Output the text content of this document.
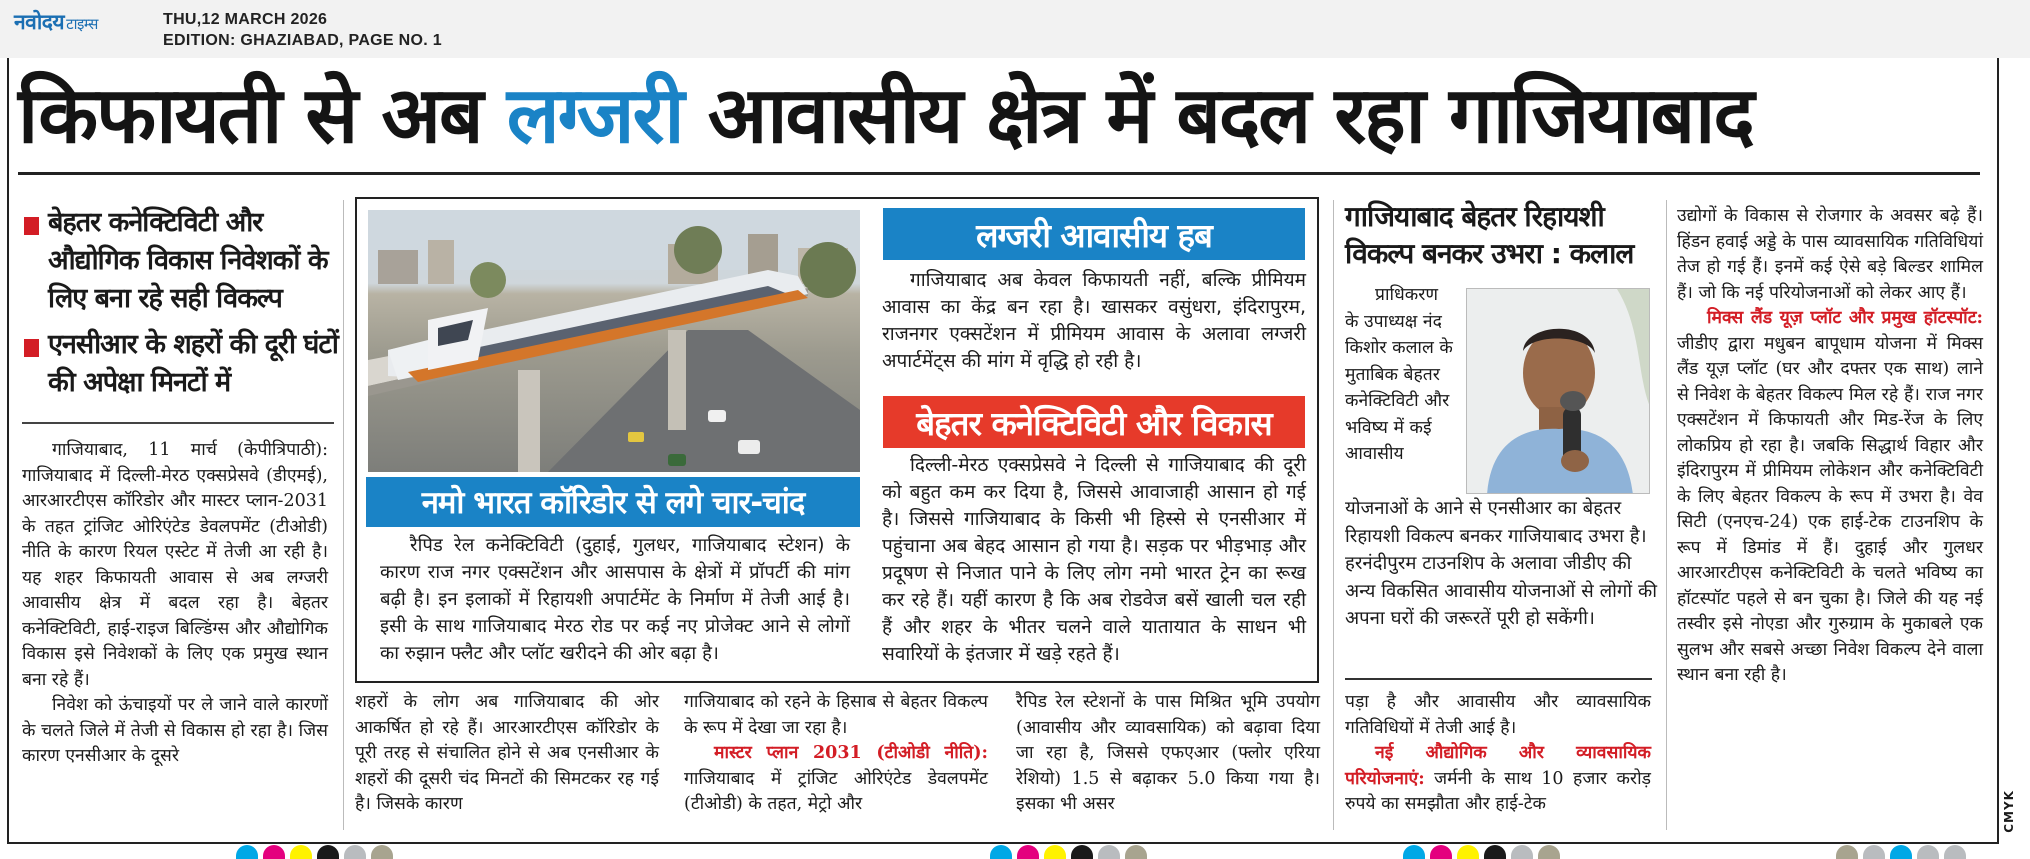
नवोदय टाइम्स	THU,12 MARCH 2026
EDITION: GHAZIABAD, PAGE NO. 1
किफायती से अब लग्जरी आवासीय क्षेत्र में बदल रहा गाजियाबाद
बेहतर कनेक्टिविटी और औद्योगिक विकास निवेशकों के लिए बना रहे सही विकल्प
एनसीआर के शहरों की दूरी घंटों की अपेक्षा मिनटों में

गाजियाबाद, 11 मार्च (केपीत्रिपाठी): गाजियाबाद में दिल्ली-मेरठ एक्सप्रेसवे (डीएमई), आरआरटीएस कॉरिडोर और मास्टर प्लान-2031 के तहत ट्रांजिट ओरिएंटेड डेवलपमेंट (टीओडी) नीति के कारण रियल एस्टेट में तेजी आ रही है। यह शहर किफायती आवास से अब लग्जरी आवासीय क्षेत्र में बदल रहा है। बेहतर कनेक्टिविटी, हाई-राइज बिल्डिंग्स और औद्योगिक विकास इसे निवेशकों के लिए एक प्रमुख स्थान बना रहे हैं।

निवेश को ऊंचाइयों पर ले जाने वाले कारणों के चलते जिले में तेजी से विकास हो रहा है। जिस कारण एनसीआर के दूसरे

नमो भारत कॉरिडोर से लगे चार-चांद

रैपिड रेल कनेक्टिविटी (दुहाई, गुलधर, गाजियाबाद स्टेशन) के कारण राज नगर एक्सटेंशन और आसपास के क्षेत्रों में प्रॉपर्टी की मांग बढ़ी है। इन इलाकों में रिहायशी अपार्टमेंट के निर्माण में तेजी आई है। इसी के साथ गाजियाबाद मेरठ रोड पर कई नए प्रोजेक्ट आने से लोगों का रुझान फ्लैट और प्लॉट खरीदने की ओर बढ़ा है।

लग्जरी आवासीय हब

गाजियाबाद अब केवल किफायती नहीं, बल्कि प्रीमियम आवास का केंद्र बन रहा है। खासकर वसुंधरा, इंदिरापुरम, राजनगर एक्सटेंशन में प्रीमियम आवास के अलावा लग्जरी अपार्टमेंट्स की मांग में वृद्धि हो रही है।

बेहतर कनेक्टिविटी और विकास

दिल्ली-मेरठ एक्सप्रेसवे ने दिल्ली से गाजियाबाद की दूरी को बहुत कम कर दिया है, जिससे आवाजाही आसान हो गई है। जिससे गाजियाबाद के किसी भी हिस्से से एनसीआर में पहुंचाना अब बेहद आसान हो गया है। सड़क पर भीड़भाड़ और प्रदूषण से निजात पाने के लिए लोग नमो भारत ट्रेन का रूख कर रहे हैं। यहीं कारण है कि अब रोडवेज बसें खाली चल रही हैं और शहर के भीतर चलने वाले यातायात के साधन भी सवारियों के इंतजार में खड़े रहते हैं।

शहरों के लोग अब गाजियाबाद की ओर आकर्षित हो रहे हैं। आरआरटीएस कॉरिडोर के पूरी तरह से संचालित होने से अब एनसीआर के शहरों की दूसरी चंद मिनटों की सिमटकर रह गई है। जिसके कारण

गाजियाबाद को रहने के हिसाब से बेहतर विकल्प के रूप में देखा जा रहा है।

मास्टर प्लान 2031 (टीओडी नीति): गाजियाबाद में ट्रांजिट ओरिएंटेड डेवलपमेंट (टीओडी) के तहत, मेट्रो और

रैपिड रेल स्टेशनों के पास मिश्रित भूमि उपयोग (आवासीय और व्यावसायिक) को बढ़ावा दिया जा रहा है, जिससे एफएआर (फ्लोर एरिया रेशियो) 1.5 से बढ़ाकर 5.0 किया गया है। इसका भी असर

गाजियाबाद बेहतर रिहायशी विकल्प बनकर उभरा : कलाल

प्राधिकरण के उपाध्यक्ष नंद किशोर कलाल के मुताबिक बेहतर कनेक्टिविटी और भविष्य में कई आवासीय

योजनाओं के आने से एनसीआर का बेहतर रिहायशी विकल्प बनकर गाजियाबाद उभरा है। हरनंदीपुरम टाउनशिप के अलावा जीडीए की अन्य विकसित आवासीय योजनाओं से लोगों की अपना घरों की जरूरतें पूरी हो सकेंगी।

पड़ा है और आवासीय और व्यावसायिक गतिविधियों में तेजी आई है।

नई औद्योगिक और व्यावसायिक परियोजनाएं: जर्मनी के साथ 10 हजार करोड़ रुपये का समझौता और हाई-टेक

उद्योगों के विकास से रोजगार के अवसर बढ़े हैं। हिंडन हवाई अड्डे के पास व्यावसायिक गतिविधियां तेज हो गई हैं। इनमें कई ऐसे बड़े बिल्डर शामिल हैं। जो कि नई परियोजनाओं को लेकर आए हैं।

मिक्स लैंड यूज़ प्लॉट और प्रमुख हॉटस्पॉट: जीडीए द्वारा मधुबन बापूधाम योजना में मिक्स लैंड यूज़ प्लॉट (घर और दफ्तर एक साथ) लाने से निवेश के बेहतर विकल्प मिल रहे हैं। राज नगर एक्सटेंशन में किफायती और मिड-रेंज के लिए लोकप्रिय हो रहा है। जबकि सिद्धार्थ विहार और इंदिरापुरम में प्रीमियम लोकेशन और कनेक्टिविटी के लिए बेहतर विकल्प के रूप में उभरा है। वेव सिटी (एनएच-24) एक हाई-टेक टाउनशिप के रूप में डिमांड में हैं। दुहाई और गुलधर आरआरटीएस कनेक्टिविटी के चलते भविष्य का हॉटस्पॉट पहले से बन चुका है। जिले की यह नई तस्वीर इसे नोएडा और गुरुग्राम के मुकाबले एक सुलभ और सबसे अच्छा निवेश विकल्प देने वाला स्थान बना रही है।

CMYK
